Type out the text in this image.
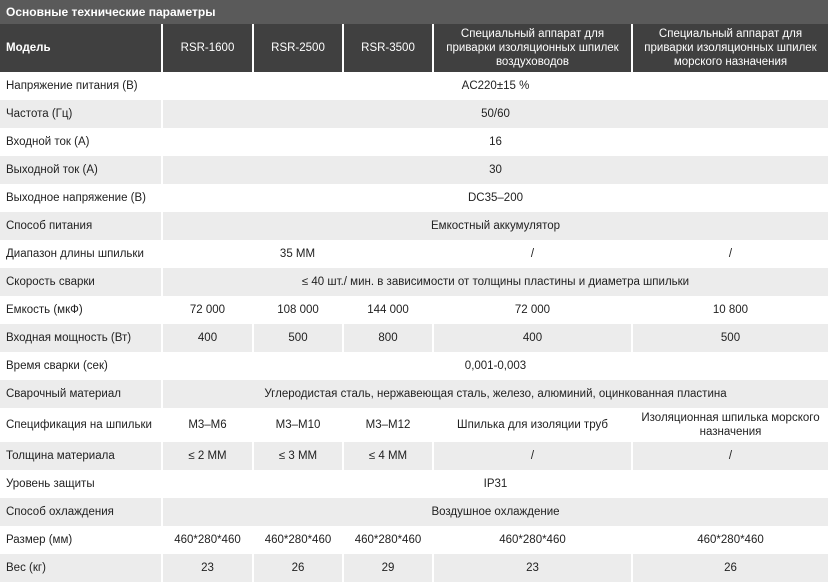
Основные технические параметры
Модель	RSR-1600	RSR-2500	RSR-3500	Специальный аппарат для приварки изоляционных шпилек воздуховодов	Специальный аппарат для приварки изоляционных шпилек морского назначения
Напряжение питания (В)	AC220±15 %				
Частота (Гц)	50/60				
Входной ток (А)	16				
Выходной ток (А)	30				
Выходное напряжение (В)	DC35–200				
Способ питания	Емкостный аккумулятор				
Диапазон длины шпильки	35 ММ			/	/
Скорость сварки	≤ 40 шт./ мин. в зависимости от толщины пластины и диаметра шпильки				
Емкость (мкФ)	72 000	108 000	144 000	72 000	10 800
Входная мощность (Вт)	400	500	800	400	500
Время сварки (сек)	0,001-0,003				
Сварочный материал	Углеродистая сталь, нержавеющая сталь, железо, алюминий, оцинкованная пластина				
Спецификация на шпильки	M3–M6	M3–M10	M3–M12	Шпилька для изоляции труб	Изоляционная шпилька морского назначения
Толщина материала	≤ 2 ММ	≤ 3 ММ	≤ 4 ММ	/	/
Уровень защиты	IP31				
Способ охлаждения	Воздушное охлаждение				
Размер (мм)	460*280*460	460*280*460	460*280*460	460*280*460	460*280*460
Вес (кг)	23	26	29	23	26
